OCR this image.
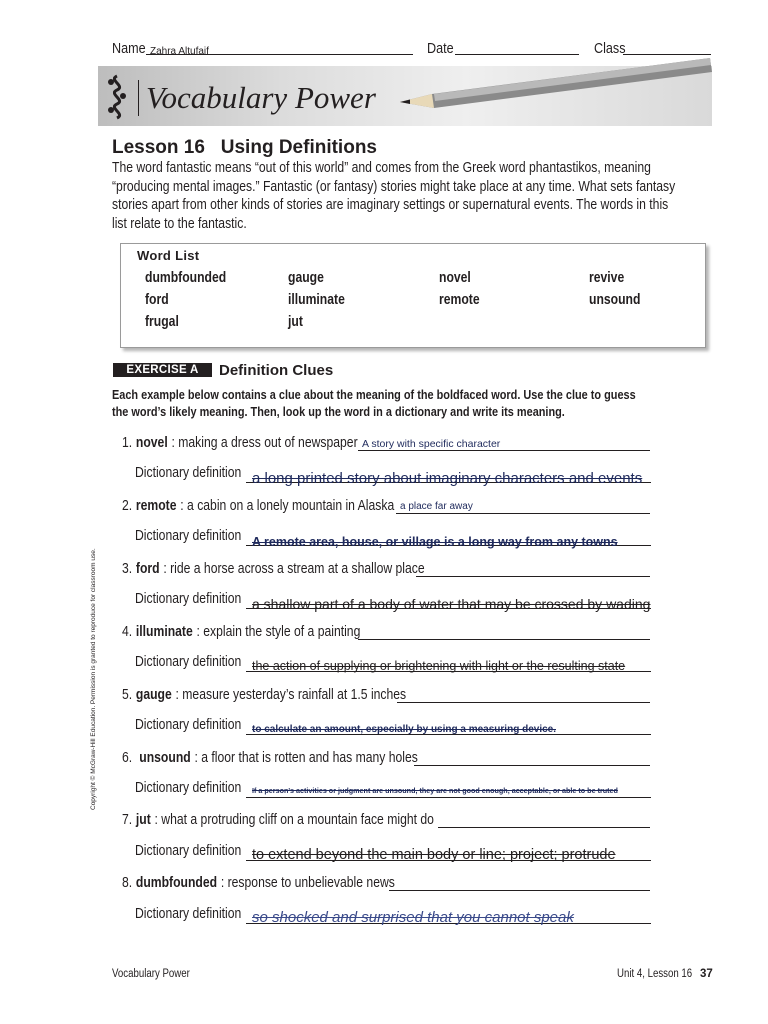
Name Zahra Altufaif	Date	Class
Vocabulary Power
Lesson 16   Using Definitions

The word fantastic means “out of this world” and comes from the Greek word phantastikos, meaning

“producing mental images.” Fantastic (or fantasy) stories might take place at any time. What sets fantasy

stories apart from other kinds of stories are imaginary settings or supernatural events. The words in this

list relate to the fantastic.

Word List
dumbfounded	gauge	novel	revive
ford	illuminate	remote	unsound
frugal	jut
EXERCISE A	Definition Clues

Each example below contains a clue about the meaning of the boldfaced word. Use the clue to guess

the word’s likely meaning. Then, look up the word in a dictionary and write its meaning.

1. novel : making a dress out of newspaper A story with specific character
Dictionary definition a long printed story about imaginary characters and events
2. remote : a cabin on a lonely mountain in Alaska a place far away
Dictionary definition A remote area, house, or village is a long way from any towns
3. ford : ride a horse across a stream at a shallow place
Dictionary definition a shallow part of a body of water that may be crossed by wading
4. illuminate : explain the style of a painting
Dictionary definition the action of supplying or brightening with light or the resulting state
5. gauge : measure yesterday’s rainfall at 1.5 inches
Dictionary definition to calculate an amount, especially by using a measuring device.
6.  unsound : a floor that is rotten and has many holes
Dictionary definition If a person's activities or judgment are unsound, they are not good enough, acceptable, or able to be truted
7. jut : what a protruding cliff on a mountain face might do
Dictionary definition to extend beyond the main body or line; project; protrude
8. dumbfounded : response to unbelievable news
Dictionary definition so shocked and surprised that you cannot speak
Vocabulary Power	Unit 4, Lesson 16 37
Copyright © McGraw-Hill Education. Permission is granted to reproduce for classroom use.
